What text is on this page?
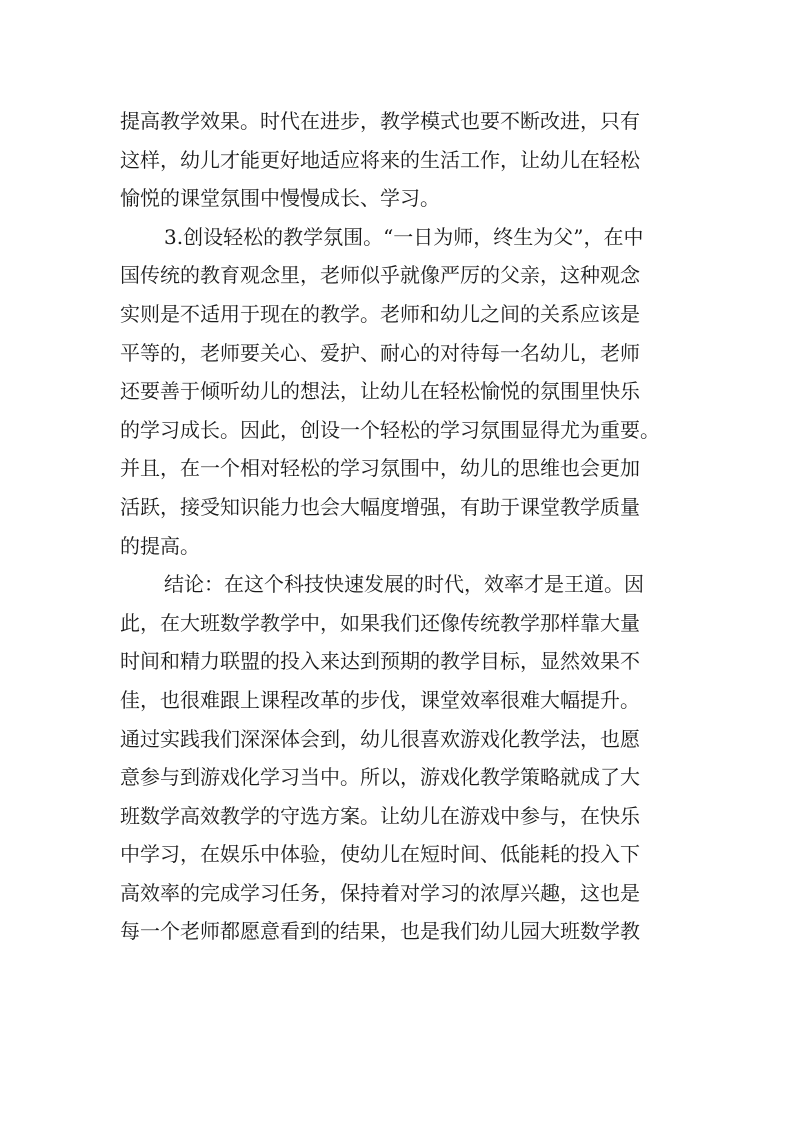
提高教学效果。时代在进步，教学模式也要不断改进，只有
这样，幼儿才能更好地适应将来的生活工作，让幼儿在轻松
愉悦的课堂氛围中慢慢成长、学习。
3.创设轻松的教学氛围。“一日为师，终生为父”，在中
国传统的教育观念里，老师似乎就像严厉的父亲，这种观念
实则是不适用于现在的教学。老师和幼儿之间的关系应该是
平等的，老师要关心、爱护、耐心的对待每一名幼儿，老师
还要善于倾听幼儿的想法，让幼儿在轻松愉悦的氛围里快乐
的学习成长。因此，创设一个轻松的学习氛围显得尤为重要。
并且，在一个相对轻松的学习氛围中，幼儿的思维也会更加
活跃，接受知识能力也会大幅度增强，有助于课堂教学质量
的提高。
结论：在这个科技快速发展的时代，效率才是王道。因
此，在大班数学教学中，如果我们还像传统教学那样靠大量
时间和精力联盟的投入来达到预期的教学目标，显然效果不
佳，也很难跟上课程改革的步伐，课堂效率很难大幅提升。
通过实践我们深深体会到，幼儿很喜欢游戏化教学法，也愿
意参与到游戏化学习当中。所以，游戏化教学策略就成了大
班数学高效教学的守选方案。让幼儿在游戏中参与，在快乐
中学习，在娱乐中体验，使幼儿在短时间、低能耗的投入下
高效率的完成学习任务，保持着对学习的浓厚兴趣，这也是
每一个老师都愿意看到的结果，也是我们幼儿园大班数学教
